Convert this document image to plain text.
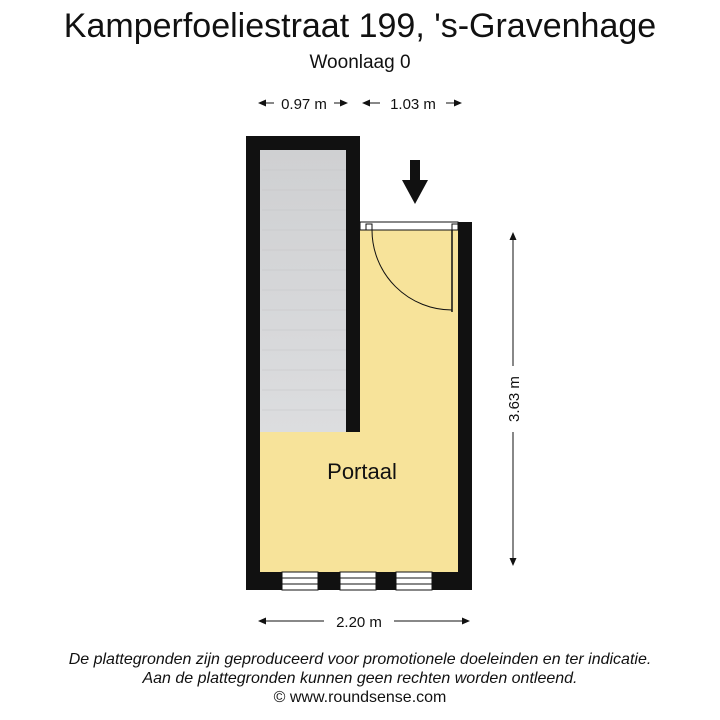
Kamperfoeliestraat 199, 's-Gravenhage
Woonlaag 0
0.97 m	1.03 m
2.20 m
3.63 m
Portaal
De plattegronden zijn geproduceerd voor promotionele doeleinden en ter indicatie.
Aan de plattegronden kunnen geen rechten worden ontleend.
© www.roundsense.com
